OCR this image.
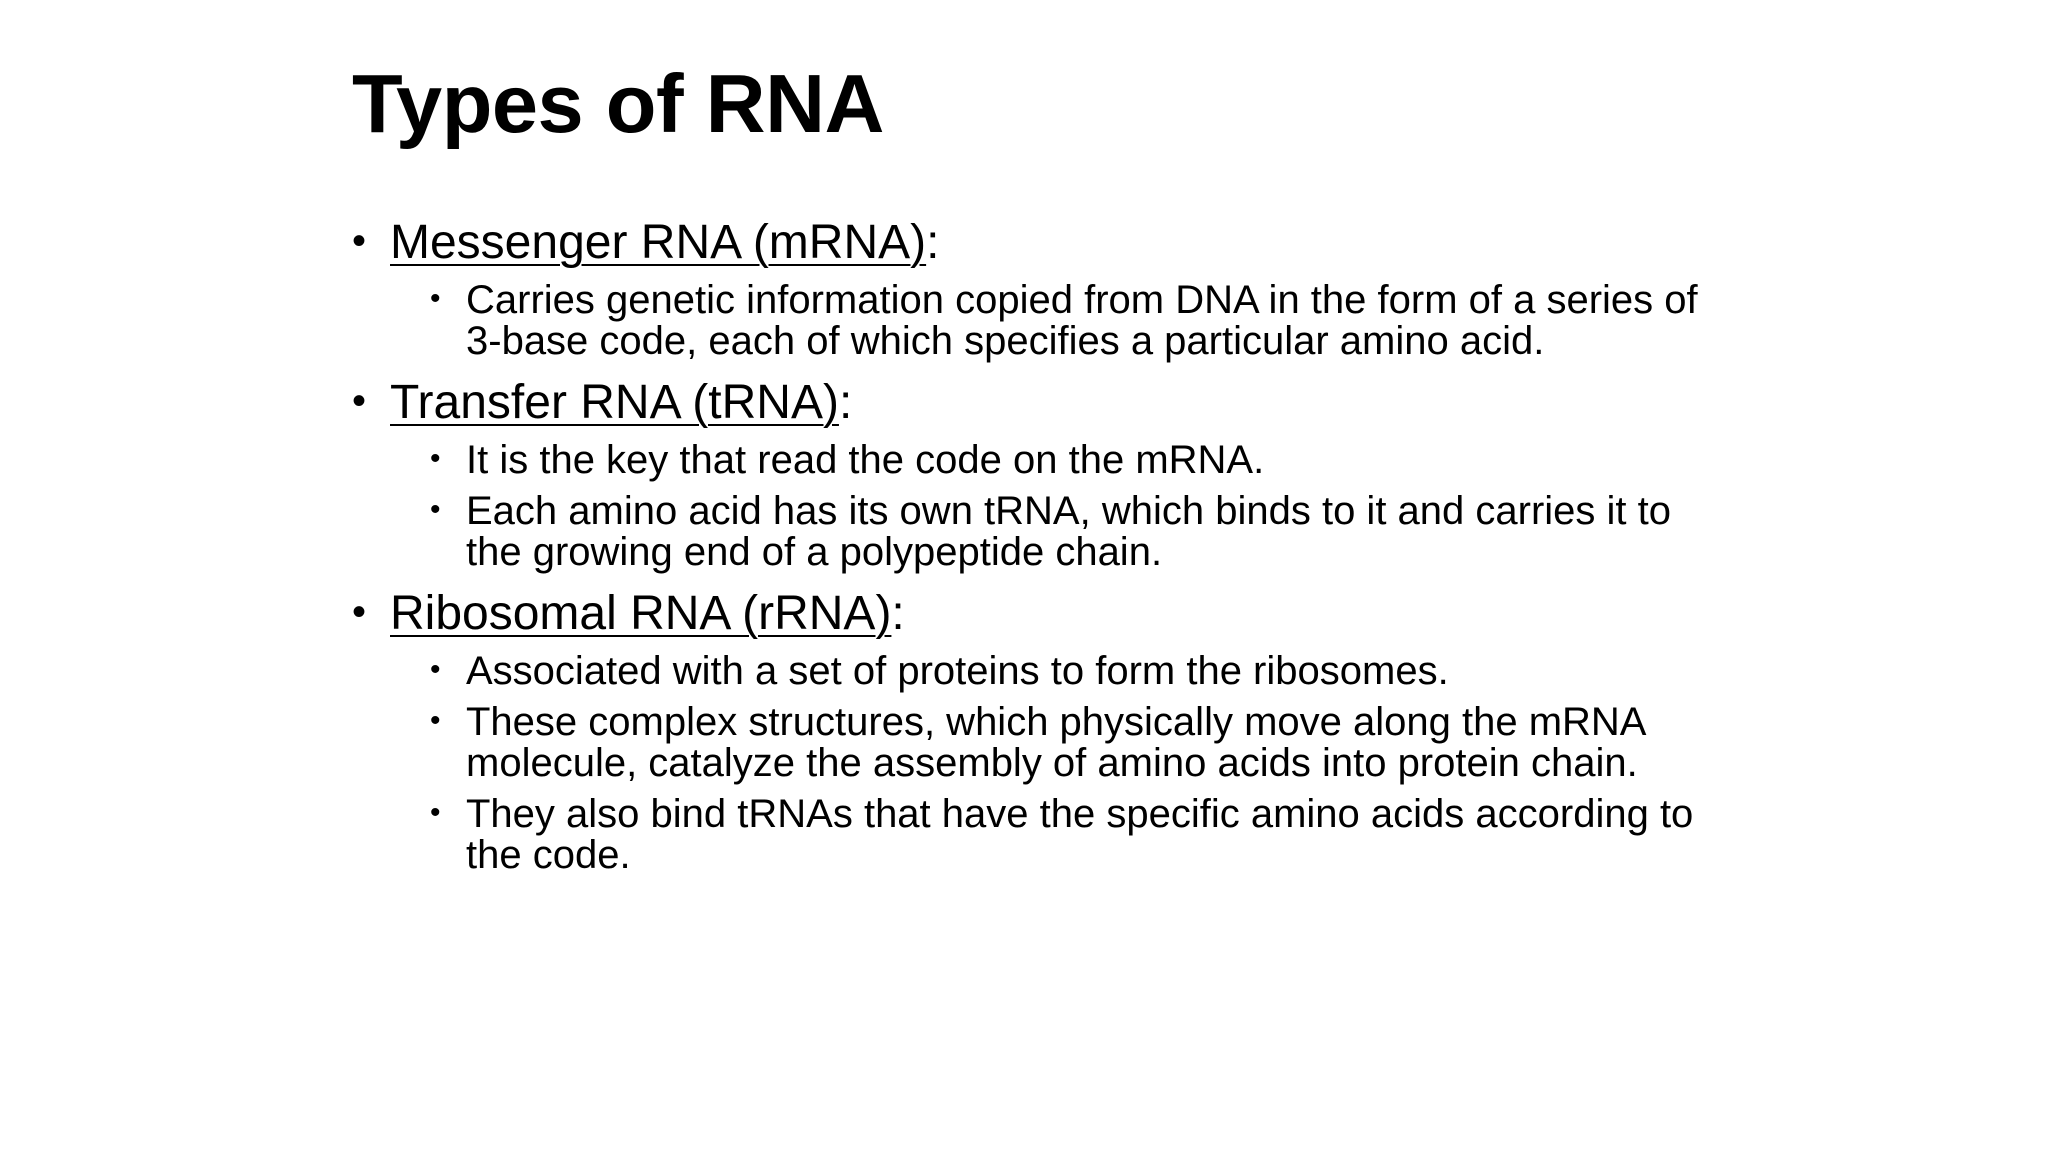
Types of RNA
• Messenger RNA (mRNA):
• Carries genetic information copied from DNA in the form of a series of 3-base code, each of which specifies a particular amino acid.
• Transfer RNA (tRNA):
• It is the key that read the code on the mRNA.
• Each amino acid has its own tRNA, which binds to it and carries it to the growing end of a polypeptide chain.
• Ribosomal RNA (rRNA):
• Associated with a set of proteins to form the ribosomes.
• These complex structures, which physically move along the mRNA molecule, catalyze the assembly of amino acids into protein chain.
• They also bind tRNAs that have the specific amino acids according to the code.
